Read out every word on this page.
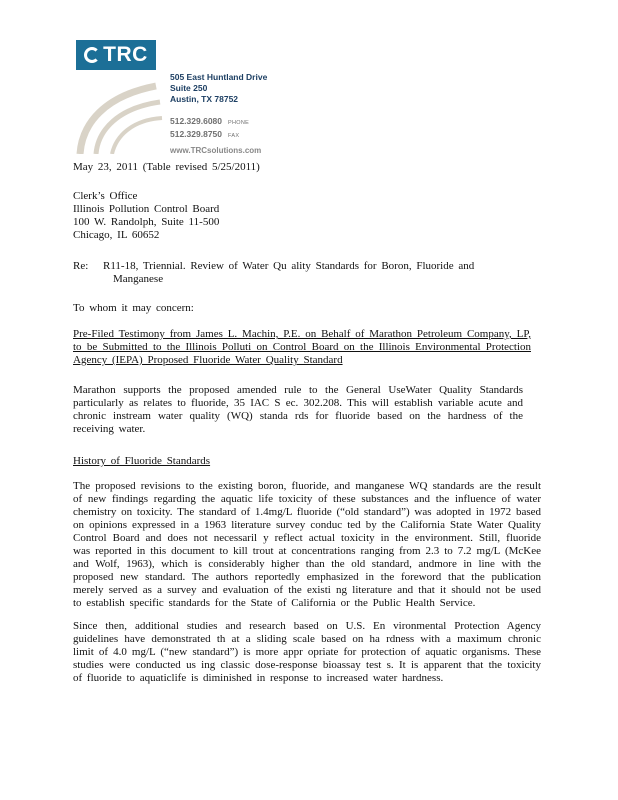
TRC
505 East Huntland Drive
Suite 250
Austin, TX 78752
512.329.6080 PHONE
512.329.8750 FAX
www.TRCsolutions.com
May 23, 2011 (Table revised 5/25/2011)
Clerk’s Office
Illinois Pollution Control Board
100 W. Randolph, Suite 11-500
Chicago, IL 60652
Re: R11-18, Triennial. Review of Water Qu ality Standards for Boron, Fluoride and
Manganese
To whom it may concern:
Pre-Filed Testimony from James L. Machin, P.E. on Behalf of Marathon Petroleum Company, LP, to be Submitted to the Illinois Polluti on Control Board on the Illinois Environmental Protection Agency (IEPA) Proposed Fluoride Water Quality Standard
Marathon supports the proposed amended rule to the General UseWater Quality Standards particularly as relates to fluoride, 35 IAC S ec. 302.208. This will establish variable acute and chronic instream water quality (WQ) standa rds for fluoride based on the hardness of the receiving water.
History of Fluoride Standards
The proposed revisions to the existing boron, fluoride, and manganese WQ standards are the result of new findings regarding the aquatic life toxicity of these substances and the influence of water chemistry on toxicity. The standard of 1.4mg/L fluoride (“old standard”) was adopted in 1972 based on opinions expressed in a 1963 literature survey conduc ted by the California State Water Quality Control Board and does not necessaril y reflect actual toxicity in the environment. Still, fluoride was reported in this document to kill trout at concentrations ranging from 2.3 to 7.2 mg/L (McKee and Wolf, 1963), which is considerably higher than the old standard, andmore in line with the proposed new standard. The authors reportedly emphasized in the foreword that the publication merely served as a survey and evaluation of the existi ng literature and that it should not be used to establish specific standards for the State of California or the Public Health Service.
Since then, additional studies and research based on U.S. En vironmental Protection Agency guidelines have demonstrated th at a sliding scale based on ha rdness with a maximum chronic limit of 4.0 mg/L (“new standard”) is more appr opriate for protection of aquatic organisms. These studies were conducted us ing classic dose-response bioassay test s. It is apparent that the toxicity of fluoride to aquaticlife is diminished in response to increased water hardness.
